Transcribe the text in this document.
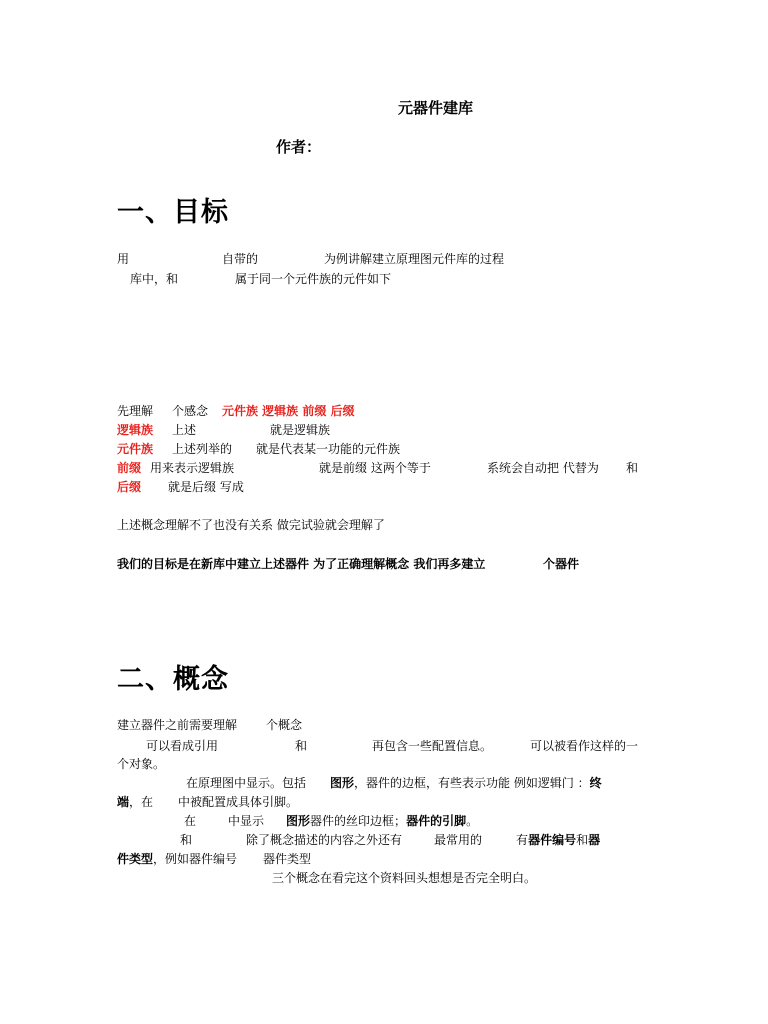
元器件建库
作者：
一、目标
用	自带的	为例讲解建立原理图元件库的过程
库中，和	属于同一个元件族的元件如下
先理解 个感念 元件族 逻辑族 前缀 后缀
逻辑族 上述	就是逻辑族
元件族 上述列举的 就是代表某一功能的元件族
前缀 用来表示逻辑族	就是前缀 这两个等于	系统会自动把 代替为 和
后缀 就是后缀 写成
上述概念理解不了也没有关系 做完试验就会理解了
我们的目标是在新库中建立上述器件 为了正确理解概念 我们再多建立	个器件
二、概念
建立器件之前需要理解 个概念
可以看成引用	和	再包含一些配置信息。	可以被看作这样的一
个对象。
在原理图中显示。包括 图形，器件的边框，有些表示功能 例如逻辑门 ：终
端，在 中被配置成具体引脚。
在	中显示 图形器件的丝印边框；器件的引脚。
和	除了概念描述的内容之外还有	最常用的	有器件编号和器
件类型，例如器件编号 器件类型
三个概念在看完这个资料回头想想是否完全明白。
